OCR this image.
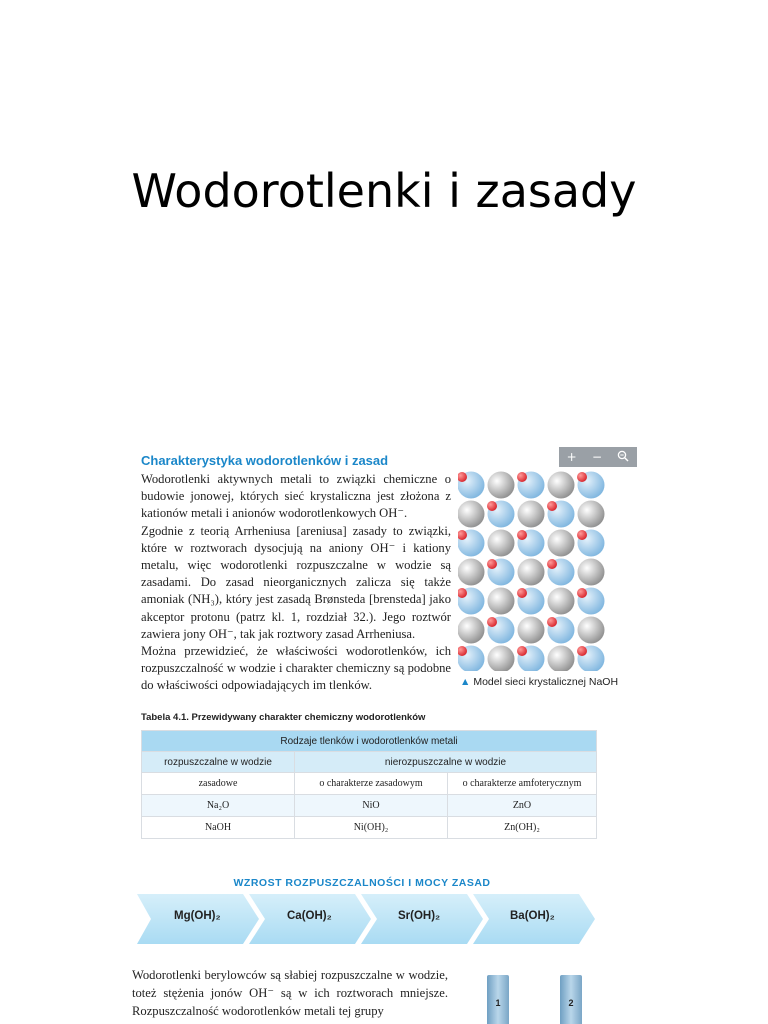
Wodorotlenki i zasady
+ −
Charakterystyka wodorotlenków i zasad

Wodorotlenki aktywnych metali to związki chemiczne o budowie jonowej, których sieć krystaliczna jest złożona z kationów metali i anionów wodorotlenkowych OH⁻.

Zgodnie z teorią Arrheniusa [areniusa] zasady to związki, które w roztworach dysocjują na aniony OH⁻ i kationy metalu, więc wodorotlenki rozpuszczalne w wodzie są zasadami. Do zasad nieorganicznych zalicza się także amoniak (NH₃), który jest zasadą Brønsteda [brensteda] jako akceptor protonu (patrz kl. 1, rozdział 32.). Jego roztwór zawiera jony OH⁻, tak jak roztwory zasad Arrheniusa.

Można przewidzieć, że właściwości wodorotlenków, ich rozpuszczalność w wodzie i charakter chemiczny są podobne do właściwości odpowiadających im tlenków.	▲ Model sieci krystalicznej NaOH
Tabela 4.1. Przewidywany charakter chemiczny wodorotlenków
Rodzaje tlenków i wodorotlenków metali		
rozpuszczalne w wodzie	nierozpuszczalne w wodzie	
zasadowe	o charakterze zasadowym	o charakterze amfoterycznym
Na₂O	NiO	ZnO
NaOH	Ni(OH)₂	Zn(OH)₂
WZROST ROZPUSZCZALNOŚCI I MOCY ZASAD
Mg(OH)₂	Ca(OH)₂	Sr(OH)₂	Ba(OH)₂

Wodorotlenki berylowców są słabiej rozpuszczalne w wodzie, toteż stężenia jonów OH⁻ są w ich roztworach mniejsze. Rozpuszczalność wodorotlenków metali tej grupy

1	2
